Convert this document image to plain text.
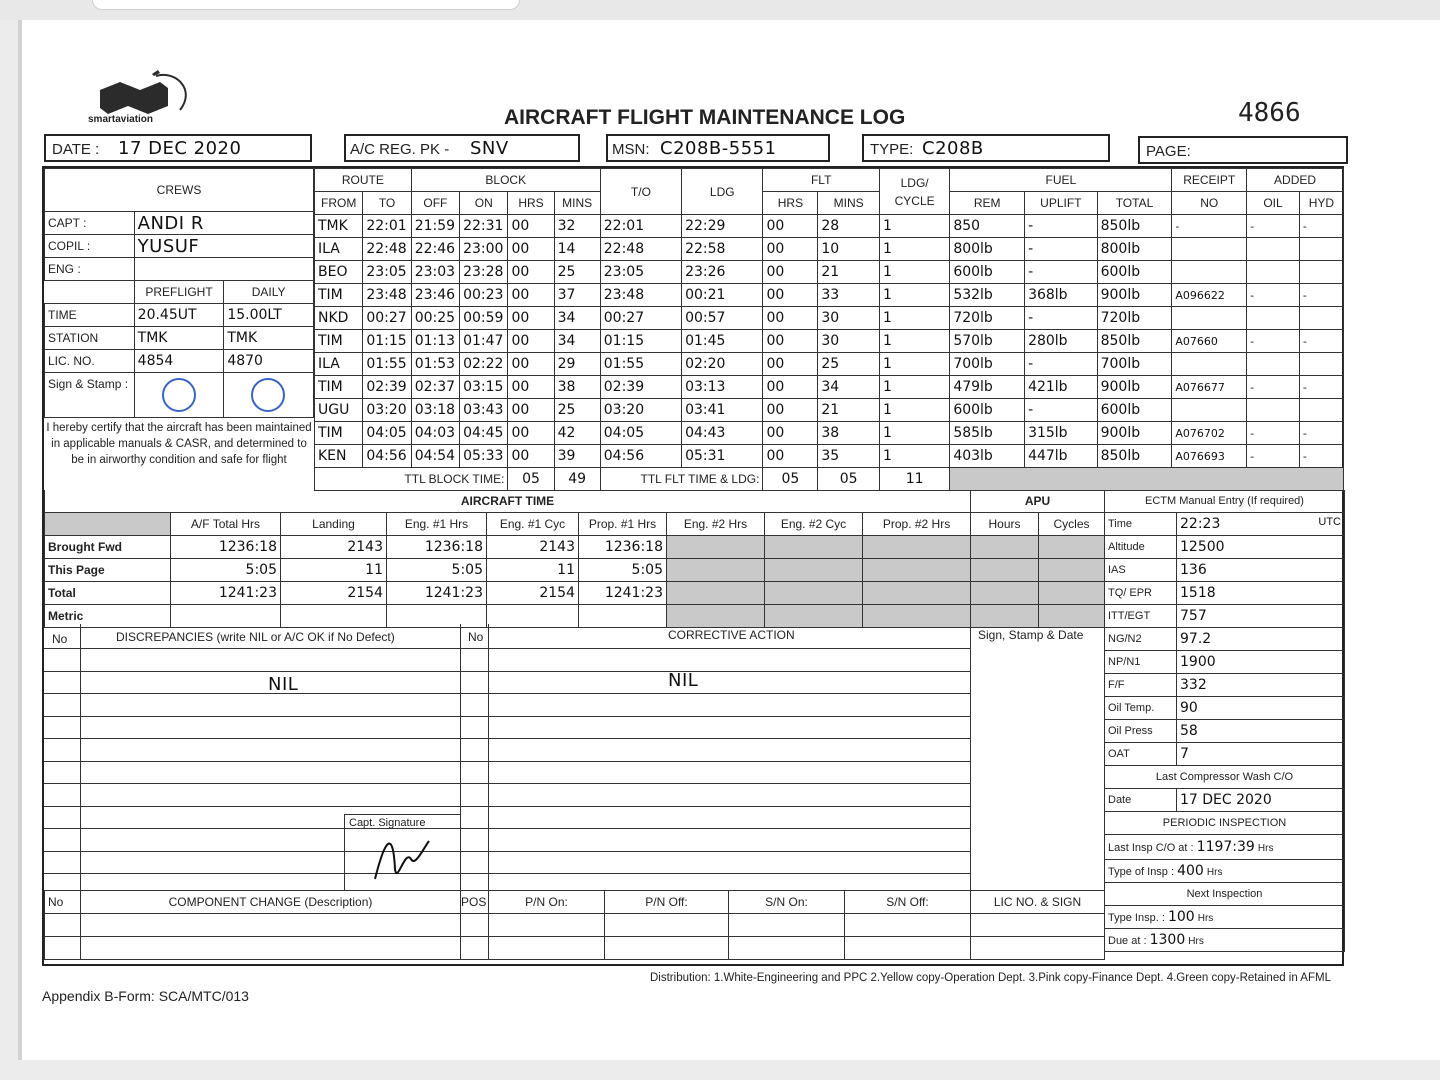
smartaviation	AIRCRAFT FLIGHT MAINTENANCE LOG	4866
DATE : 17 DEC 2020	A/C REG. PK - SNV	MSN: C208B-5551	TYPE: C208B	PAGE:
CREWS		
CAPT :	ANDI R	
COPIL :	YUSUF	
ENG :		
	PREFLIGHT	DAILY
TIME	20.45UT	15.00LT
STATION	TMK	TMK
LIC. NO.	4854	4870
Sign & Stamp :	

I hereby certify that the aircraft has been maintained in applicable manuals & CASR, and determined to be in airworthy condition and safe for flight
ROUTE		BLOCK				T/O	LDG	FLT		LDG/
CYCLE	FUEL			RECEIPT	ADDED	
FROM	TO	OFF	ON	HRS	MINS			HRS	MINS		REM	UPLIFT	TOTAL	NO	OIL	HYD
TMK	22:01	21:59	22:31	00	32	22:01	22:29	00	28	1	850	-	850lb	-	-	-
ILA	22:48	22:46	23:00	00	14	22:48	22:58	00	10	1	800lb	-	800lb			
BEO	23:05	23:03	23:28	00	25	23:05	23:26	00	21	1	600lb	-	600lb			
TIM	23:48	23:46	00:23	00	37	23:48	00:21	00	33	1	532lb	368lb	900lb	A096622	-	-
NKD	00:27	00:25	00:59	00	34	00:27	00:57	00	30	1	720lb	-	720lb			
TIM	01:15	01:13	01:47	00	34	01:15	01:45	00	30	1	570lb	280lb	850lb	A07660	-	-
ILA	01:55	01:53	02:22	00	29	01:55	02:20	00	25	1	700lb	-	700lb			
TIM	02:39	02:37	03:15	00	38	02:39	03:13	00	34	1	479lb	421lb	900lb	A076677	-	-
UGU	03:20	03:18	03:43	00	25	03:20	03:41	00	21	1	600lb	-	600lb			
TIM	04:05	04:03	04:45	00	42	04:05	04:43	00	38	1	585lb	315lb	900lb	A076702	-	-
KEN	04:56	04:54	05:33	00	39	04:56	05:31	00	35	1	403lb	447lb	850lb	A076693	-	-
TTL BLOCK TIME:				05	49	TTL FLT TIME & LDG:		05	05	11						
AIRCRAFT TIME								
	A/F Total Hrs	Landing	Eng. #1 Hrs	Eng. #1 Cyc	Prop. #1 Hrs	Eng. #2 Hrs	Eng. #2 Cyc	Prop. #2 Hrs
Brought Fwd	1236:18	2143	1236:18	2143	1236:18			
This Page	5:05	11	5:05	11	5:05			
Total	1241:23	2154	1241:23	2154	1241:23			
Metric								
APU	
Hours	Cycles

ECTM Manual Entry (If required)	
Time	22:23 UTC

Altitude	12500
IAS	136
TQ/ EPR	1518
ITT/EGT	757
NG/N2	97.2
NP/N1	1900
F/F	332
Oil Temp.	90
Oil Press	58
OAT	7
Last Compressor Wash C/O	
Date	17 DEC 2020
PERIODIC INSPECTION	
Last Insp C/O at : 1197:39 Hrs	
Type of Insp : 400 Hrs	
Next Inspection	
Type Insp. : 100 Hrs	
Due at : 1300 Hrs	
No	DISCREPANCIES (write NIL or A/C OK if No Defect)	No	CORRECTIVE ACTION	Sign, Stamp & Date
NIL	NIL
Capt. Signature
No	COMPONENT CHANGE (Description)	POS	P/N On:	P/N Off:	S/N On:	S/N Off:	LIC NO. & SIGN

Distribution: 1.White-Engineering and PPC 2.Yellow copy-Operation Dept. 3.Pink copy-Finance Dept. 4.Green copy-Retained in AFML
Appendix B-Form: SCA/MTC/013
